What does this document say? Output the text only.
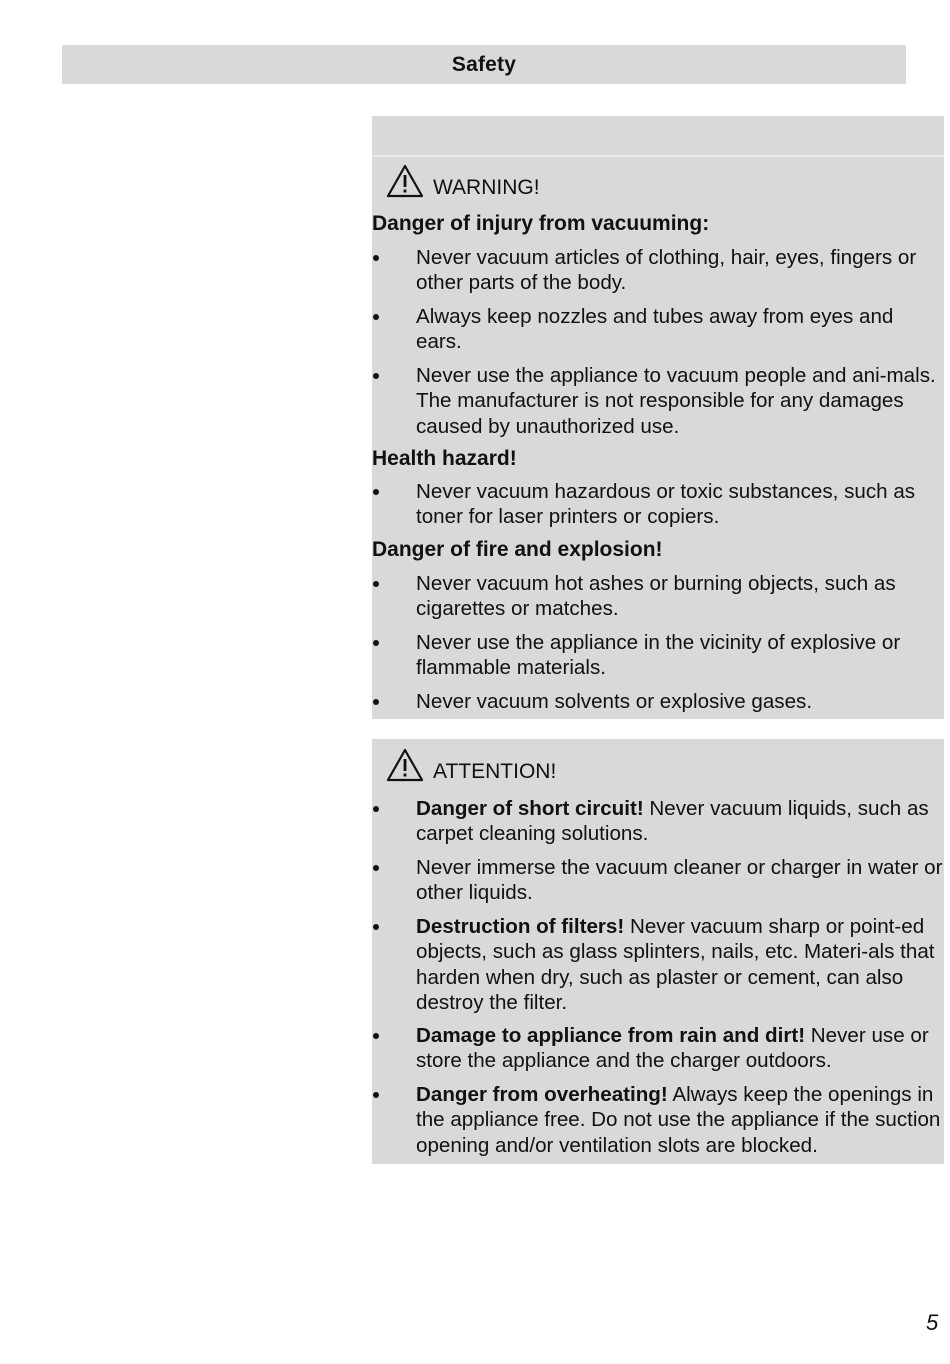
Safety
WARNING!
Danger of injury from vacuuming:
Never vacuum articles of clothing, hair, eyes, fingers or other parts of the body.
Always keep nozzles and tubes away from eyes and ears.
Never use the appliance to vacuum people and ani-mals. The manufacturer is not responsible for any damages caused by unauthorized use.
Health hazard!
Never vacuum hazardous or toxic substances, such as toner for laser printers or copiers.
Danger of fire and explosion!
Never vacuum hot ashes or burning objects, such as cigarettes or matches.
Never use the appliance in the vicinity of explosive or flammable materials.
Never vacuum solvents or explosive gases.
ATTENTION!
Danger of short circuit! Never vacuum liquids, such as carpet cleaning solutions.
Never immerse the vacuum cleaner or charger in water or other liquids.
Destruction of filters! Never vacuum sharp or point-ed objects, such as glass splinters, nails, etc. Materi-als that harden when dry, such as plaster or cement, can also destroy the filter.
Damage to appliance from rain and dirt! Never use or store the appliance and the charger outdoors.
Danger from overheating! Always keep the openings in the appliance free. Do not use the appliance if the suction opening and/or ventilation slots are blocked.
5
